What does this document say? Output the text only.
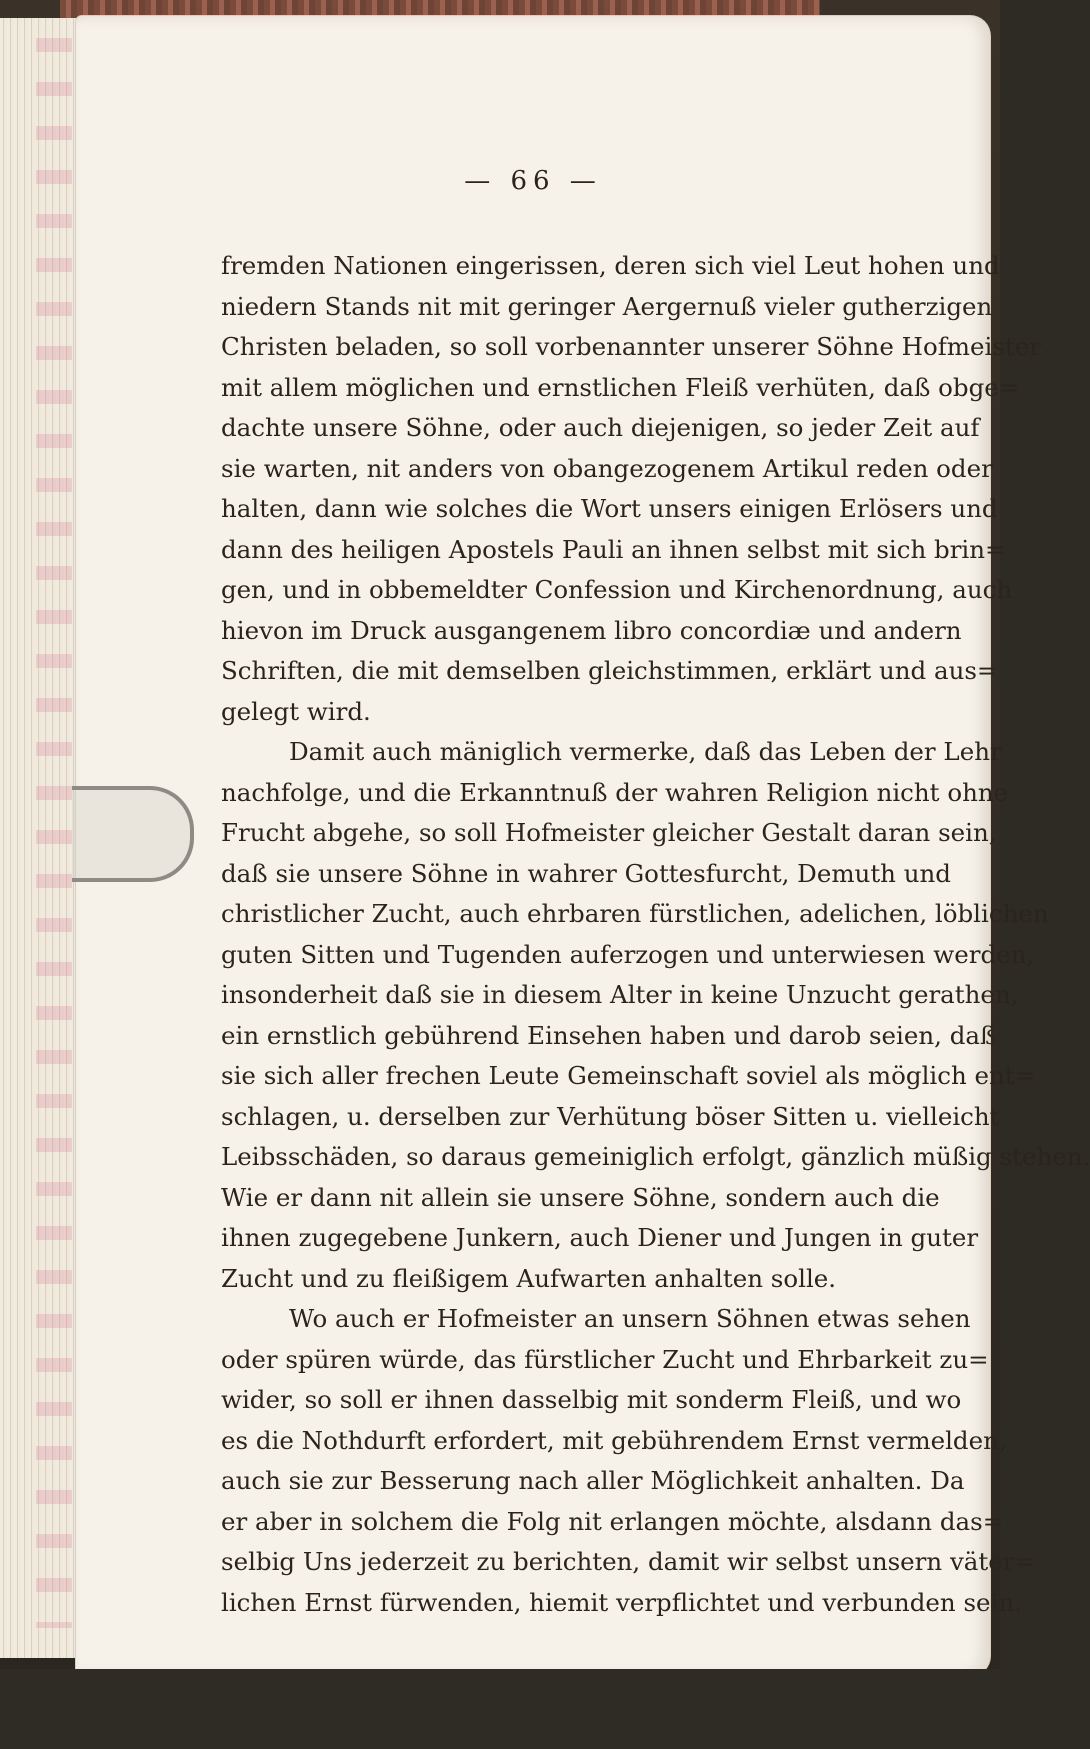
— 66 —
fremden Nationen eingerissen, deren sich viel Leut hohen und
niedern Stands nit mit geringer Aergernuß vieler gutherzigen
Christen beladen, so soll vorbenannter unserer Söhne Hofmeister
mit allem möglichen und ernstlichen Fleiß verhüten, daß obge=
dachte unsere Söhne, oder auch diejenigen, so jeder Zeit auf
sie warten, nit anders von obangezogenem Artikul reden oder
halten, dann wie solches die Wort unsers einigen Erlösers und
dann des heiligen Apostels Pauli an ihnen selbst mit sich brin=
gen, und in obbemeldter Confession und Kirchenordnung, auch
hievon im Druck ausgangenem libro concordiæ und andern
Schriften, die mit demselben gleichstimmen, erklärt und aus=
gelegt wird.
Damit auch mäniglich vermerke, daß das Leben der Lehr
nachfolge, und die Erkanntnuß der wahren Religion nicht ohne
Frucht abgehe, so soll Hofmeister gleicher Gestalt daran sein,
daß sie unsere Söhne in wahrer Gottesfurcht, Demuth und
christlicher Zucht, auch ehrbaren fürstlichen, adelichen, löblichen
guten Sitten und Tugenden auferzogen und unterwiesen werden,
insonderheit daß sie in diesem Alter in keine Unzucht gerathen,
ein ernstlich gebührend Einsehen haben und darob seien, daß
sie sich aller frechen Leute Gemeinschaft soviel als möglich ent=
schlagen, u. derselben zur Verhütung böser Sitten u. vielleicht
Leibsschäden, so daraus gemeiniglich erfolgt, gänzlich müßig stehen.
Wie er dann nit allein sie unsere Söhne, sondern auch die
ihnen zugegebene Junkern, auch Diener und Jungen in guter
Zucht und zu fleißigem Aufwarten anhalten solle.
Wo auch er Hofmeister an unsern Söhnen etwas sehen
oder spüren würde, das fürstlicher Zucht und Ehrbarkeit zu=
wider, so soll er ihnen dasselbig mit sonderm Fleiß, und wo
es die Nothdurft erfordert, mit gebührendem Ernst vermelden,
auch sie zur Besserung nach aller Möglichkeit anhalten. Da
er aber in solchem die Folg nit erlangen möchte, alsdann das=
selbig Uns jederzeit zu berichten, damit wir selbst unsern väter=
lichen Ernst fürwenden, hiemit verpflichtet und verbunden sein.
